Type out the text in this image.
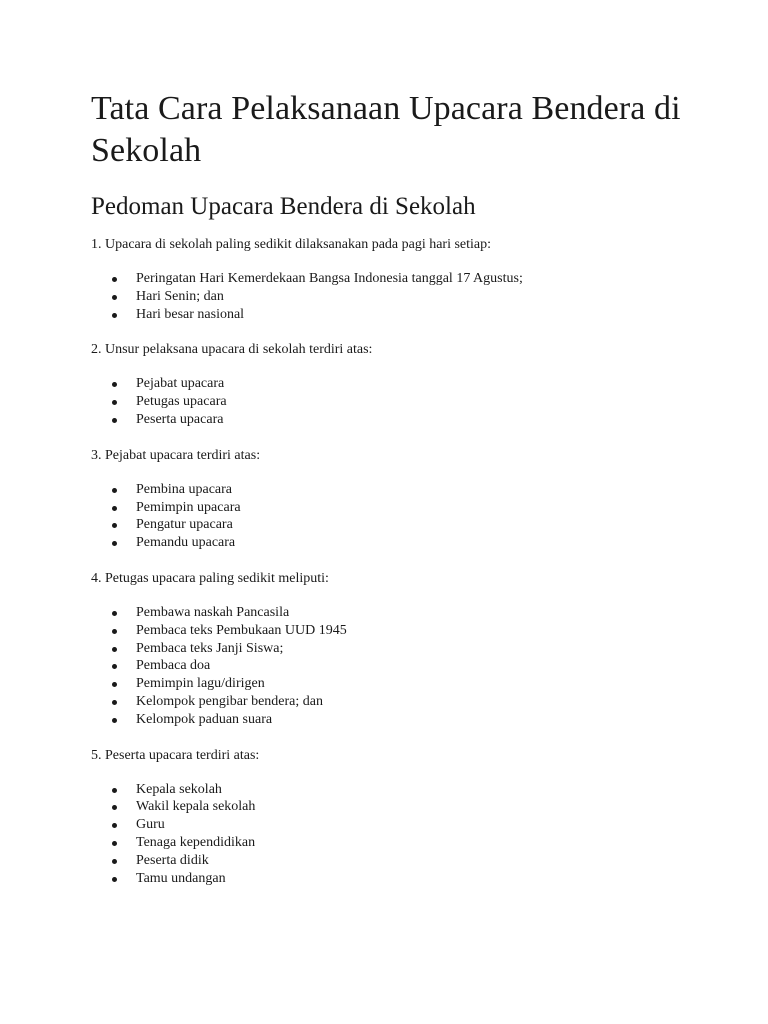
Tata Cara Pelaksanaan Upacara Bendera di Sekolah
Pedoman Upacara Bendera di Sekolah

1. Upacara di sekolah paling sedikit dilaksanakan pada pagi hari setiap:

Peringatan Hari Kemerdekaan Bangsa Indonesia tanggal 17 Agustus;
Hari Senin; dan
Hari besar nasional

2. Unsur pelaksana upacara di sekolah terdiri atas:

Pejabat upacara
Petugas upacara
Peserta upacara

3. Pejabat upacara terdiri atas:

Pembina upacara
Pemimpin upacara
Pengatur upacara
Pemandu upacara

4. Petugas upacara paling sedikit meliputi:

Pembawa naskah Pancasila
Pembaca teks Pembukaan UUD 1945
Pembaca teks Janji Siswa;
Pembaca doa
Pemimpin lagu/dirigen
Kelompok pengibar bendera; dan
Kelompok paduan suara

5. Peserta upacara terdiri atas:

Kepala sekolah
Wakil kepala sekolah
Guru
Tenaga kependidikan
Peserta didik
Tamu undangan
